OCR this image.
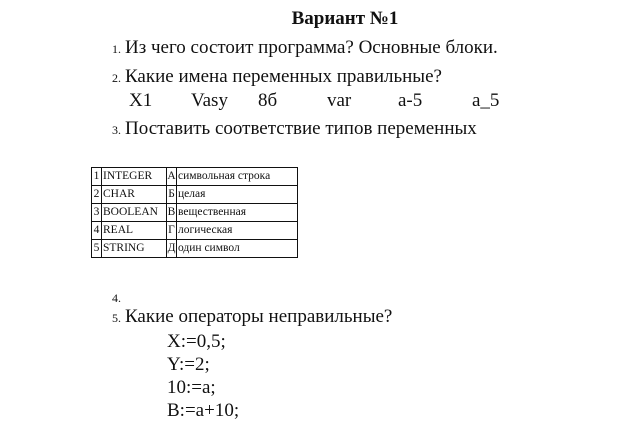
Вариант №1
1. Из чего состоит программа? Основные блоки.
2. Какие имена переменных правильные?
X1 Vasy 8б	var a-5	a_5
3. Поставить соответствие типов переменных
1	INTEGER	А	символьная строка
2	CHAR	Б	целая
3	BOOLEAN	В	вещественная
4	REAL	Г	логическая
5	STRING	Д	один символ
4.
5. Какие операторы неправильные?
X:=0,5;
Y:=2;
10:=a;
B:=a+10;
